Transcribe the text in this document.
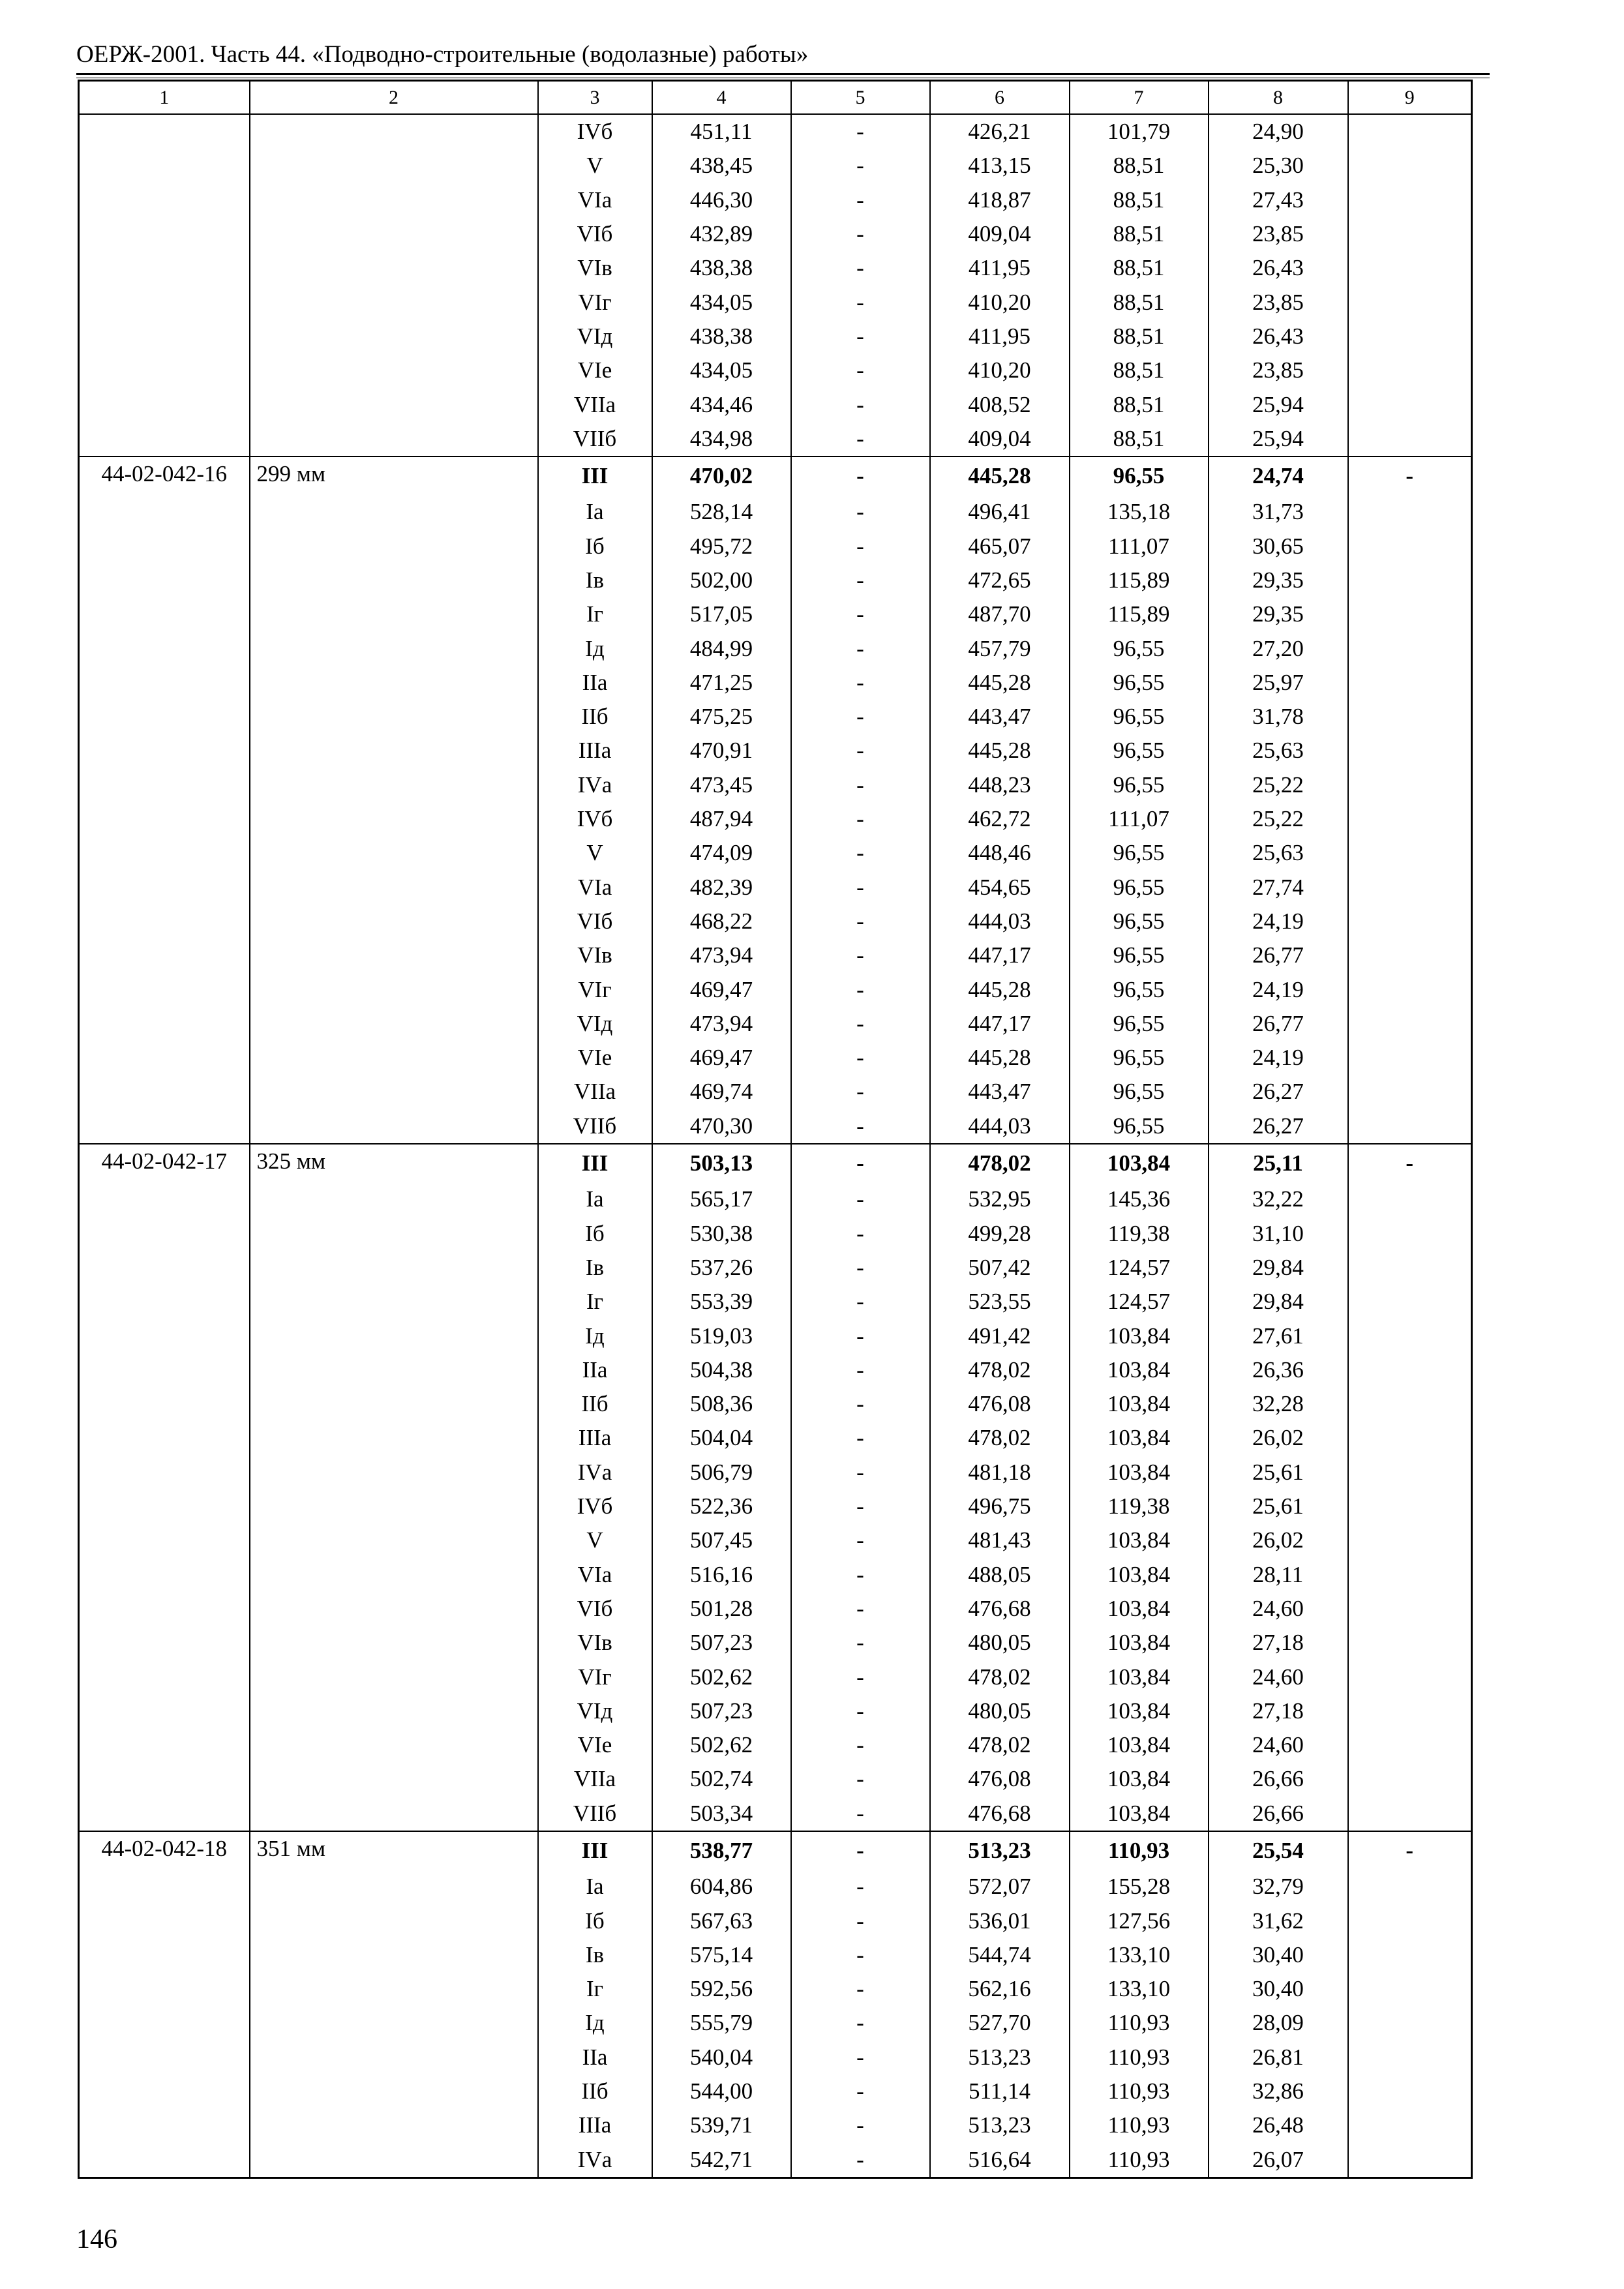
ОЕРЖ-2001. Часть 44. «Подводно-строительные (водолазные) работы»
1	2	3	4	5	6	7	8	9
		IVб	451,11	-	426,21	101,79	24,90	
		V	438,45	-	413,15	88,51	25,30	
		VIа	446,30	-	418,87	88,51	27,43	
		VIб	432,89	-	409,04	88,51	23,85	
		VIв	438,38	-	411,95	88,51	26,43	
		VIг	434,05	-	410,20	88,51	23,85	
		VIд	438,38	-	411,95	88,51	26,43	
		VIе	434,05	-	410,20	88,51	23,85	
		VIIа	434,46	-	408,52	88,51	25,94	
		VIIб	434,98	-	409,04	88,51	25,94	
44-02-042-16	299 мм	III	470,02	-	445,28	96,55	24,74	-
		Iа	528,14	-	496,41	135,18	31,73	
		Iб	495,72	-	465,07	111,07	30,65	
		Iв	502,00	-	472,65	115,89	29,35	
		Iг	517,05	-	487,70	115,89	29,35	
		Iд	484,99	-	457,79	96,55	27,20	
		IIа	471,25	-	445,28	96,55	25,97	
		IIб	475,25	-	443,47	96,55	31,78	
		IIIа	470,91	-	445,28	96,55	25,63	
		IVа	473,45	-	448,23	96,55	25,22	
		IVб	487,94	-	462,72	111,07	25,22	
		V	474,09	-	448,46	96,55	25,63	
		VIа	482,39	-	454,65	96,55	27,74	
		VIб	468,22	-	444,03	96,55	24,19	
		VIв	473,94	-	447,17	96,55	26,77	
		VIг	469,47	-	445,28	96,55	24,19	
		VIд	473,94	-	447,17	96,55	26,77	
		VIе	469,47	-	445,28	96,55	24,19	
		VIIа	469,74	-	443,47	96,55	26,27	
		VIIб	470,30	-	444,03	96,55	26,27	
44-02-042-17	325 мм	III	503,13	-	478,02	103,84	25,11	-
		Iа	565,17	-	532,95	145,36	32,22	
		Iб	530,38	-	499,28	119,38	31,10	
		Iв	537,26	-	507,42	124,57	29,84	
		Iг	553,39	-	523,55	124,57	29,84	
		Iд	519,03	-	491,42	103,84	27,61	
		IIа	504,38	-	478,02	103,84	26,36	
		IIб	508,36	-	476,08	103,84	32,28	
		IIIа	504,04	-	478,02	103,84	26,02	
		IVа	506,79	-	481,18	103,84	25,61	
		IVб	522,36	-	496,75	119,38	25,61	
		V	507,45	-	481,43	103,84	26,02	
		VIа	516,16	-	488,05	103,84	28,11	
		VIб	501,28	-	476,68	103,84	24,60	
		VIв	507,23	-	480,05	103,84	27,18	
		VIг	502,62	-	478,02	103,84	24,60	
		VIд	507,23	-	480,05	103,84	27,18	
		VIе	502,62	-	478,02	103,84	24,60	
		VIIа	502,74	-	476,08	103,84	26,66	
		VIIб	503,34	-	476,68	103,84	26,66	
44-02-042-18	351 мм	III	538,77	-	513,23	110,93	25,54	-
		Iа	604,86	-	572,07	155,28	32,79	
		Iб	567,63	-	536,01	127,56	31,62	
		Iв	575,14	-	544,74	133,10	30,40	
		Iг	592,56	-	562,16	133,10	30,40	
		Iд	555,79	-	527,70	110,93	28,09	
		IIа	540,04	-	513,23	110,93	26,81	
		IIб	544,00	-	511,14	110,93	32,86	
		IIIа	539,71	-	513,23	110,93	26,48	
		IVа	542,71	-	516,64	110,93	26,07	
146
